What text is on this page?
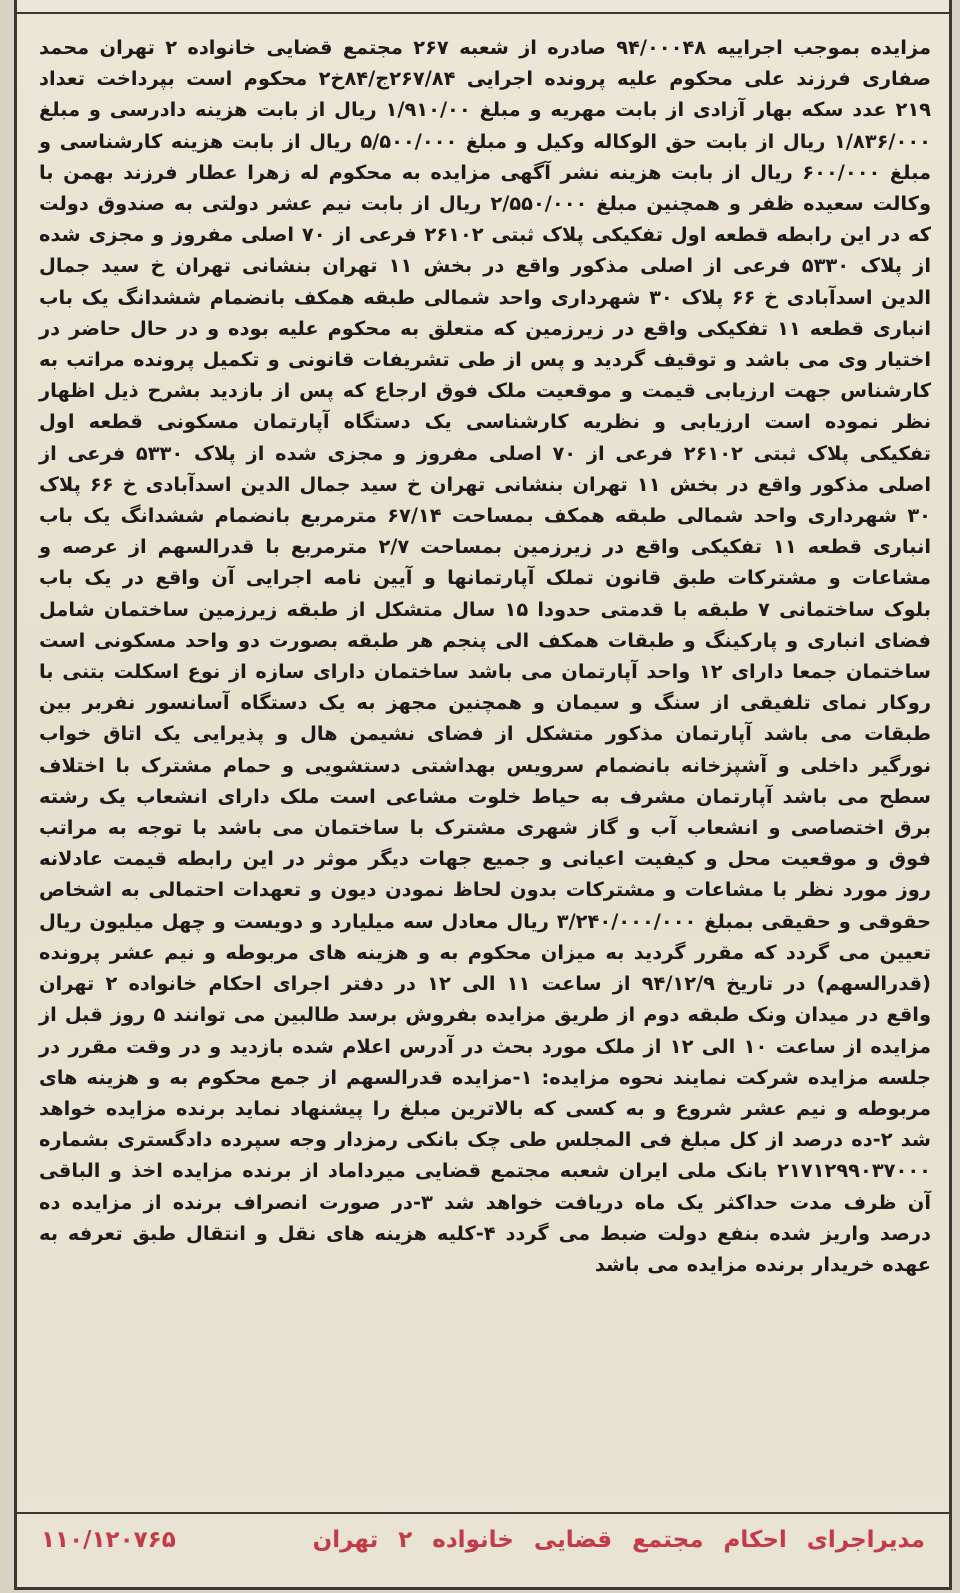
مزایده بموجب اجراییه ۹۴/۰۰۰۴۸ صادره از شعبه ۲۶۷ مجتمع قضایی خانواده ۲ تهران محمد صفاری فرزند علی محکوم علیه پرونده اجرایی ۲۶۷/۸۴ج/۸۴خ۲ محکوم است بپرداخت تعداد ۲۱۹ عدد سکه بهار آزادی از بابت مهریه و مبلغ ۱/۹۱۰/۰۰ ریال از بابت هزینه دادرسی و مبلغ ۱/۸۳۶/۰۰۰ ریال از بابت حق الوکاله وکیل و مبلغ ۵/۵۰۰/۰۰۰ ریال از بابت هزینه کارشناسی و مبلغ ۶۰۰/۰۰۰ ریال از بابت هزینه نشر آگهی مزایده به محکوم له زهرا عطار فرزند بهمن با وکالت سعیده ظفر و همچنین مبلغ ۲/۵۵۰/۰۰۰ ریال از بابت نیم عشر دولتی به صندوق دولت که در این رابطه قطعه اول تفکیکی پلاک ثبتی ۲۶۱۰۲ فرعی از ۷۰ اصلی مفروز و مجزی شده از پلاک ۵۳۳۰ فرعی از اصلی مذکور واقع در بخش ۱۱ تهران بنشانی تهران خ سید جمال الدین اسدآبادی خ ۶۶ پلاک ۳۰ شهرداری واحد شمالی طبقه همکف بانضمام ششدانگ یک باب انباری قطعه ۱۱ تفکیکی واقع در زیرزمین که متعلق به محکوم علیه بوده و در حال حاضر در اختیار وی می باشد و توقیف گردید و پس از طی تشریفات قانونی و تکمیل پرونده مراتب به کارشناس جهت ارزیابی قیمت و موقعیت ملک فوق ارجاع که پس از بازدید بشرح ذیل اظهار نظر نموده است ارزیابی و نظریه کارشناسی یک دستگاه آپارتمان مسکونی قطعه اول تفکیکی پلاک ثبتی ۲۶۱۰۲ فرعی از ۷۰ اصلی مفروز و مجزی شده از پلاک ۵۳۳۰ فرعی از اصلی مذکور واقع در بخش ۱۱ تهران بنشانی تهران خ سید جمال الدین اسدآبادی خ ۶۶ پلاک ۳۰ شهرداری واحد شمالی طبقه همکف بمساحت ۶۷/۱۴ مترمربع بانضمام ششدانگ یک باب انباری قطعه ۱۱ تفکیکی واقع در زیرزمین بمساحت ۲/۷ مترمربع با قدرالسهم از عرصه و مشاعات و مشترکات طبق قانون تملک آپارتمانها و آیین نامه اجرایی آن واقع در یک باب بلوک ساختمانی ۷ طبقه با قدمتی حدودا ۱۵ سال متشکل از طبقه زیرزمین ساختمان شامل فضای انباری و پارکینگ و طبقات همکف الی پنجم هر طبقه بصورت دو واحد مسکونی است ساختمان جمعا دارای ۱۲ واحد آپارتمان می باشد ساختمان دارای سازه از نوع اسکلت بتنی با روکار نمای تلفیقی از سنگ و سیمان و همچنین مجهز به یک دستگاه آسانسور نفربر بین طبقات می باشد آپارتمان مذکور متشکل از فضای نشیمن هال و پذیرایی یک اتاق خواب نورگیر داخلی و آشپزخانه بانضمام سرویس بهداشتی دستشویی و حمام مشترک با اختلاف سطح می باشد آپارتمان مشرف به حیاط خلوت مشاعی است ملک دارای انشعاب یک رشته برق اختصاصی و انشعاب آب و گاز شهری مشترک با ساختمان می باشد با توجه به مراتب فوق و موقعیت محل و کیفیت اعیانی و جمیع جهات دیگر موثر در این رابطه قیمت عادلانه روز مورد نظر با مشاعات و مشترکات بدون لحاظ نمودن دیون و تعهدات احتمالی به اشخاص حقوقی و حقیقی بمبلغ ۳/۲۴۰/۰۰۰/۰۰۰ ریال معادل سه میلیارد و دویست و چهل میلیون ریال تعیین می گردد که مقرر گردید به میزان محکوم به و هزینه های مربوطه و نیم عشر پرونده (قدرالسهم) در تاریخ ۹۴/۱۲/۹ از ساعت ۱۱ الی ۱۲ در دفتر اجرای احکام خانواده ۲ تهران واقع در میدان ونک طبقه دوم از طریق مزایده بفروش برسد طالبین می توانند ۵ روز قبل از مزایده از ساعت ۱۰ الی ۱۲ از ملک مورد بحث در آدرس اعلام شده بازدید و در وقت مقرر در جلسه مزایده شرکت نمایند نحوه مزایده: ۱-مزایده قدرالسهم از جمع محکوم به و هزینه های مربوطه و نیم عشر شروع و به کسی که بالاترین مبلغ را پیشنهاد نماید برنده مزایده خواهد شد ۲-ده درصد از کل مبلغ فی المجلس طی چک بانکی رمزدار وجه سپرده دادگستری بشماره ۲۱۷۱۲۹۹۰۳۷۰۰۰ بانک ملی ایران شعبه مجتمع قضایی میرداماد از برنده مزایده اخذ و الباقی آن ظرف مدت حداکثر یک ماه دریافت خواهد شد ۳-در صورت انصراف برنده از مزایده ده درصد واریز شده بنفع دولت ضبط می گردد ۴-کلیه هزینه های نقل و انتقال طبق تعرفه به عهده خریدار برنده مزایده می باشد
مدیراجرای احکام مجتمع قضایی خانواده ۲ تهران
۱۱۰/۱۲۰۷۶۵
